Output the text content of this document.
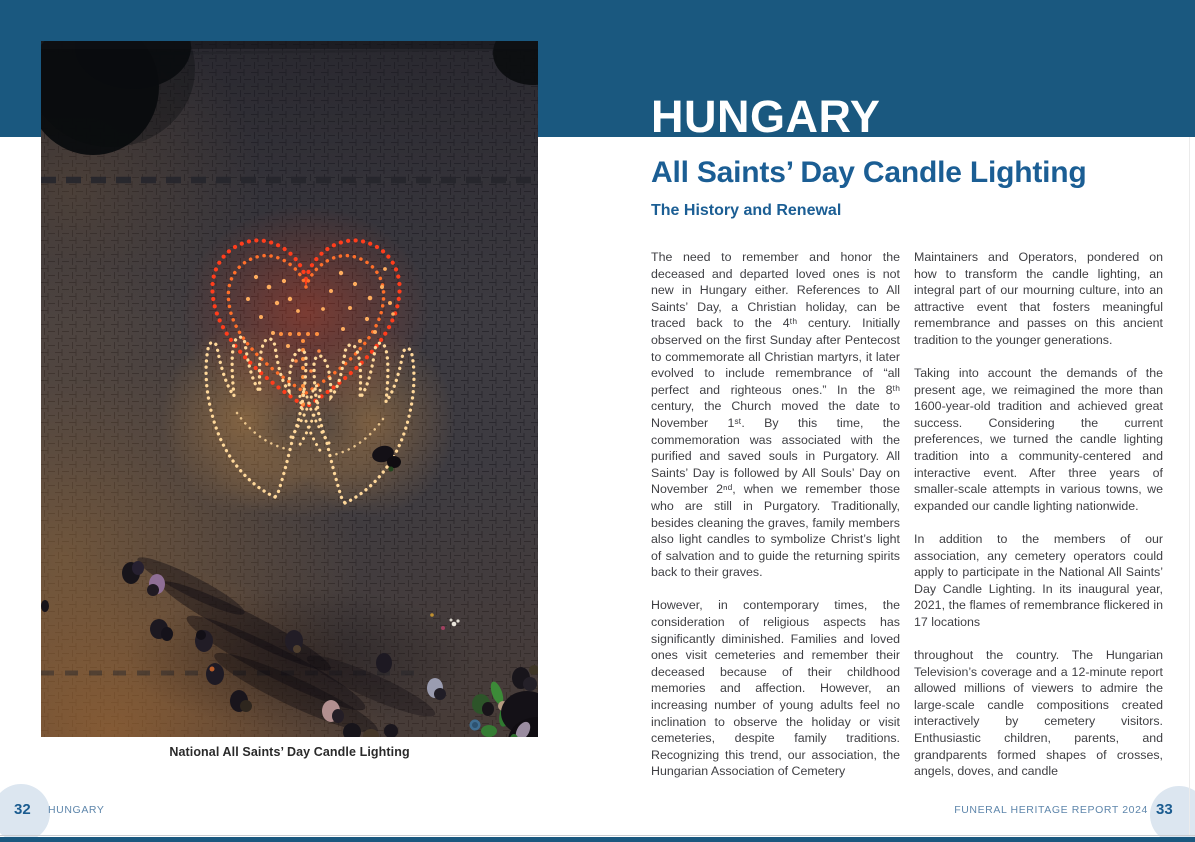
National All Saints’ Day Candle Lighting
HUNGARY
All Saints’ Day Candle Lighting
The History and Renewal

The need to remember and honor the deceased and departed loved ones is not new in Hungary either. References to All Saints’ Day, a Christian holiday, can be traced back to the 4ᵗʰ century. Initially observed on the first Sunday after Pentecost to commemorate all Christian martyrs, it later evolved to include remembrance of “all perfect and righteous ones.” In the 8ᵗʰ century, the Church moved the date to November 1ˢᵗ. By this time, the commemoration was associated with the purified and saved souls in Purgatory. All Saints’ Day is followed by All Souls’ Day on November 2ⁿᵈ, when we remember those who are still in Purgatory. Traditionally, besides cleaning the graves, family members also light candles to symbolize Christ’s light of salvation and to guide the returning spirits back to their graves.

However, in contemporary times, the consideration of religious aspects has significantly diminished. Families and loved ones visit cemeteries and remember their deceased because of their childhood memories and affection. However, an increasing number of young adults feel no inclination to observe the holiday or visit cemeteries, despite family traditions. Recognizing this trend, our association, the Hungarian Association of Cemetery

Maintainers and Operators, pondered on how to transform the candle lighting, an integral part of our mourning culture, into an attractive event that fosters meaningful remembrance and passes on this ancient tradition to the younger generations.

Taking into account the demands of the present age, we reimagined the more than 1600-year-old tradition and achieved great success. Considering the current preferences, we turned the candle lighting tradition into a community-centered and interactive event. After three years of smaller-scale attempts in various towns, we expanded our candle lighting nationwide.

In addition to the members of our association, any cemetery operators could apply to participate in the National All Saints’ Day Candle Lighting. In its inaugural year, 2021, the flames of remembrance flickered in 17 locations

throughout the country. The Hungarian Television’s coverage and a 12-minute report allowed millions of viewers to admire the large-scale candle compositions created interactively by cemetery visitors. Enthusiastic children, parents, and grandparents formed shapes of crosses, angels, doves, and candle

32 HUNGARY	FUNERAL HERITAGE REPORT 2024 33
